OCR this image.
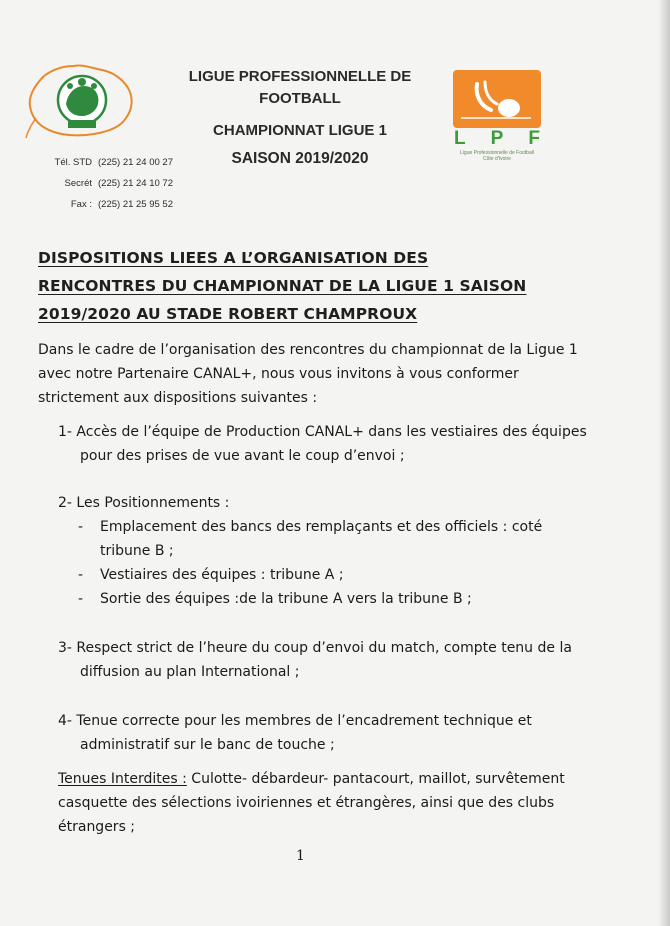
LIGUE PROFESSIONNELLE DE
FOOTBALL
CHAMPIONNAT LIGUE 1
SAISON 2019/2020
L P F
Ligue Professionnelle de Football
Côte d'Ivoire
Tél. STD (225) 21 24 00 27
Secrét (225) 21 24 10 72
Fax : (225) 21 25 95 52
DISPOSITIONS LIEES A L’ORGANISATION DES
RENCONTRES DU CHAMPIONNAT DE LA LIGUE 1 SAISON
2019/2020 AU STADE ROBERT CHAMPROUX
Dans le cadre de l’organisation des rencontres du championnat de la Ligue 1
avec notre Partenaire CANAL+, nous vous invitons à vous conformer
strictement aux dispositions suivantes :
1- Accès de l’équipe de Production CANAL+ dans les vestiaires des équipes
pour des prises de vue avant le coup d’envoi ;
2- Les Positionnements :
- Emplacement des bancs des remplaçants et des officiels : coté
tribune B ;
- Vestiaires des équipes : tribune A ;
- Sortie des équipes :de la tribune A vers la tribune B ;
3- Respect strict de l’heure du coup d’envoi du match, compte tenu de la
diffusion au plan International ;
4- Tenue correcte pour les membres de l’encadrement technique et
administratif sur le banc de touche ;
Tenues Interdites : Culotte- débardeur- pantacourt, maillot, survêtement
casquette des sélections ivoiriennes et étrangères, ainsi que des clubs
étrangers ;
1
